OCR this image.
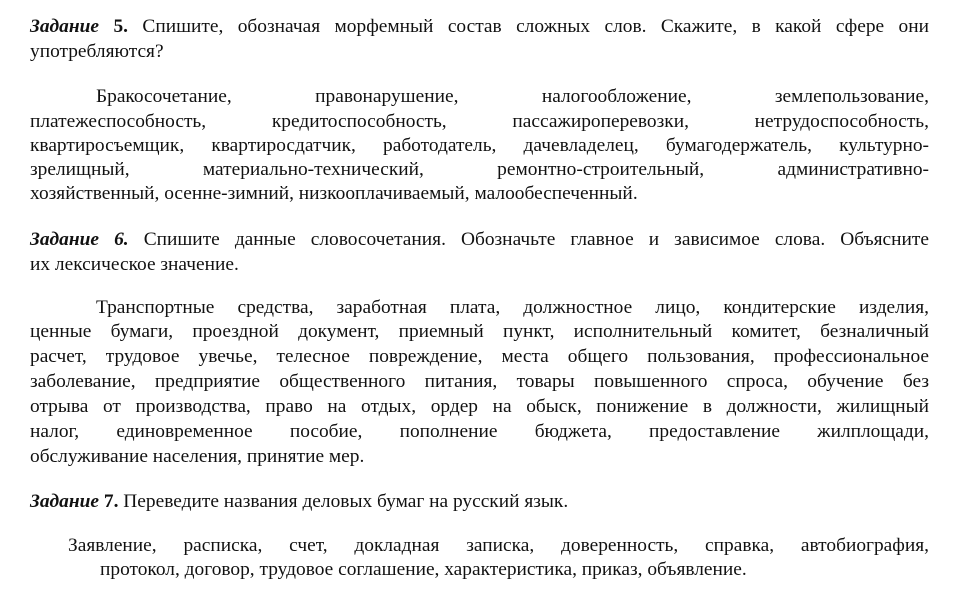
Задание 5. Спишите, обозначая морфемный состав сложных слов. Скажите, в какой сфере они
употребляются?
Бракосочетание, правонарушение, налогообложение, землепользование,
платежеспособность, кредитоспособность, пассажироперевозки, нетрудоспособность,
квартиросъемщик, квартиросдатчик, работодатель, дачевладелец, бумагодержатель, культурно-
зрелищный, материально-технический, ремонтно-строительный, административно-
хозяйственный, осенне-зимний, низкооплачиваемый, малообеспеченный.
Задание 6. Спишите данные словосочетания. Обозначьте главное и зависимое слова. Объясните
их лексическое значение.
Транспортные средства, заработная плата, должностное лицо, кондитерские изделия,
ценные бумаги, проездной документ, приемный пункт, исполнительный комитет, безналичный
расчет, трудовое увечье, телесное повреждение, места общего пользования, профессиональное
заболевание, предприятие общественного питания, товары повышенного спроса, обучение без
отрыва от производства, право на отдых, ордер на обыск, понижение в должности, жилищный
налог, единовременное пособие, пополнение бюджета, предоставление жилплощади,
обслуживание населения, принятие мер.
Задание 7. Переведите названия деловых бумаг на русский язык.
Заявление, расписка, счет, докладная записка, доверенность, справка, автобиография,
протокол, договор, трудовое соглашение, характеристика, приказ, объявление.
